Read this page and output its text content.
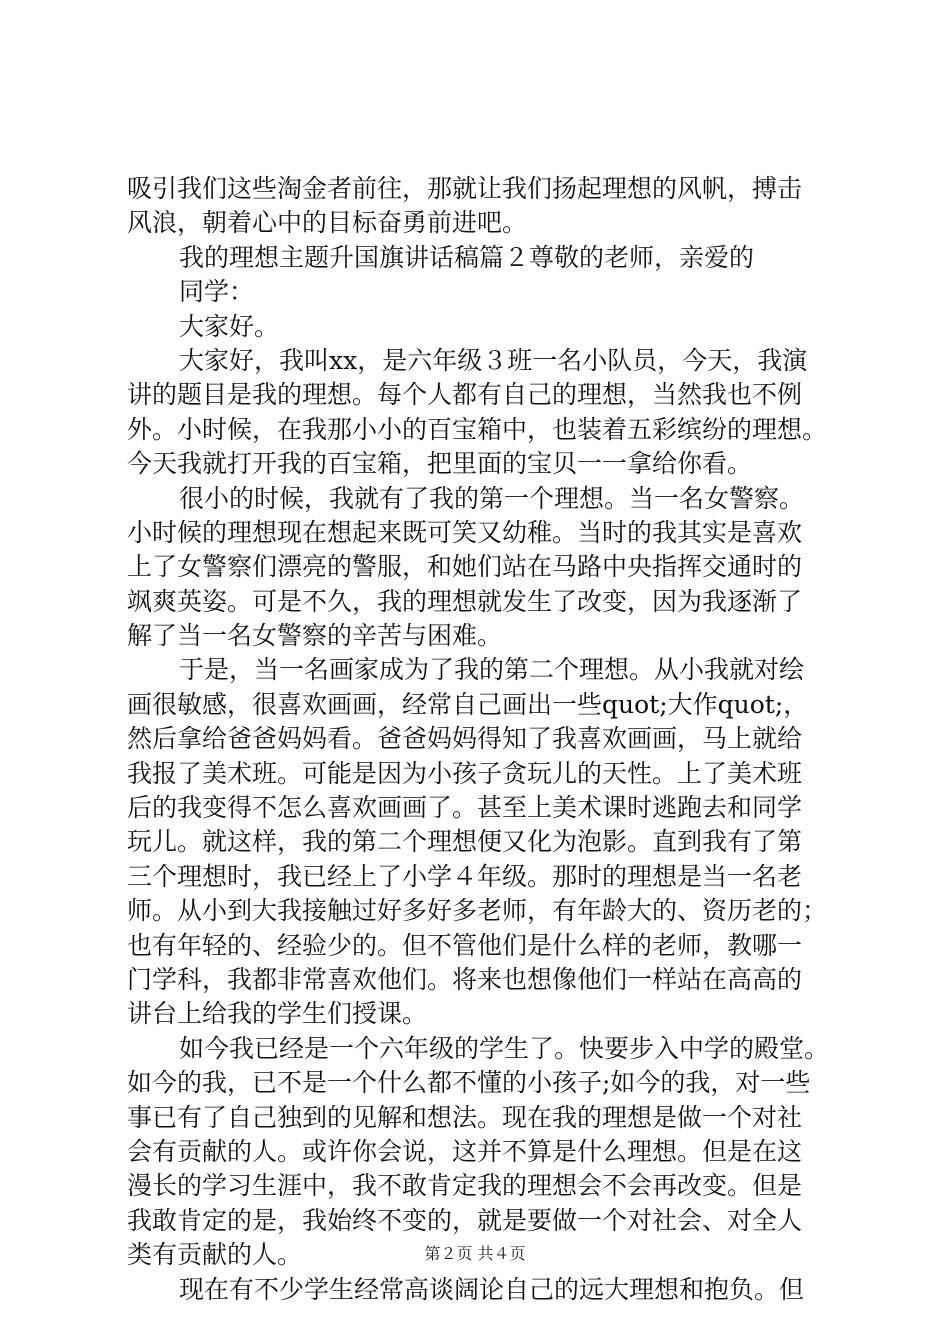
吸引我们这些淘金者前往，那就让我们扬起理想的风帆，搏击
风浪，朝着心中的目标奋勇前进吧。
我的理想主题升国旗讲话稿篇２尊敬的老师，亲爱的
同学：
大家好。
大家好，我叫xx，是六年级３班一名小队员，今天，我演
讲的题目是我的理想。每个人都有自己的理想，当然我也不例
外。小时候，在我那小小的百宝箱中，也装着五彩缤纷的理想。
今天我就打开我的百宝箱，把里面的宝贝一一拿给你看。
很小的时候，我就有了我的第一个理想。当一名女警察。
小时候的理想现在想起来既可笑又幼稚。当时的我其实是喜欢
上了女警察们漂亮的警服，和她们站在马路中央指挥交通时的
飒爽英姿。可是不久，我的理想就发生了改变，因为我逐渐了
解了当一名女警察的辛苦与困难。
于是，当一名画家成为了我的第二个理想。从小我就对绘
画很敏感，很喜欢画画，经常自己画出一些quot;大作quot;，
然后拿给爸爸妈妈看。爸爸妈妈得知了我喜欢画画，马上就给
我报了美术班。可能是因为小孩子贪玩儿的天性。上了美术班
后的我变得不怎么喜欢画画了。甚至上美术课时逃跑去和同学
玩儿。就这样，我的第二个理想便又化为泡影。直到我有了第
三个理想时，我已经上了小学４年级。那时的理想是当一名老
师。从小到大我接触过好多好多老师，有年龄大的、资历老的；
也有年轻的、经验少的。但不管他们是什么样的老师，教哪一
门学科，我都非常喜欢他们。将来也想像他们一样站在高高的
讲台上给我的学生们授课。
如今我已经是一个六年级的学生了。快要步入中学的殿堂。
如今的我，已不是一个什么都不懂的小孩子;如今的我，对一些
事已有了自己独到的见解和想法。现在我的理想是做一个对社
会有贡献的人。或许你会说，这并不算是什么理想。但是在这
漫长的学习生涯中，我不敢肯定我的理想会不会再改变。但是
我敢肯定的是，我始终不变的，就是要做一个对社会、对全人
类有贡献的人。
现在有不少学生经常高谈阔论自己的远大理想和抱负。但
第２页 共４页
